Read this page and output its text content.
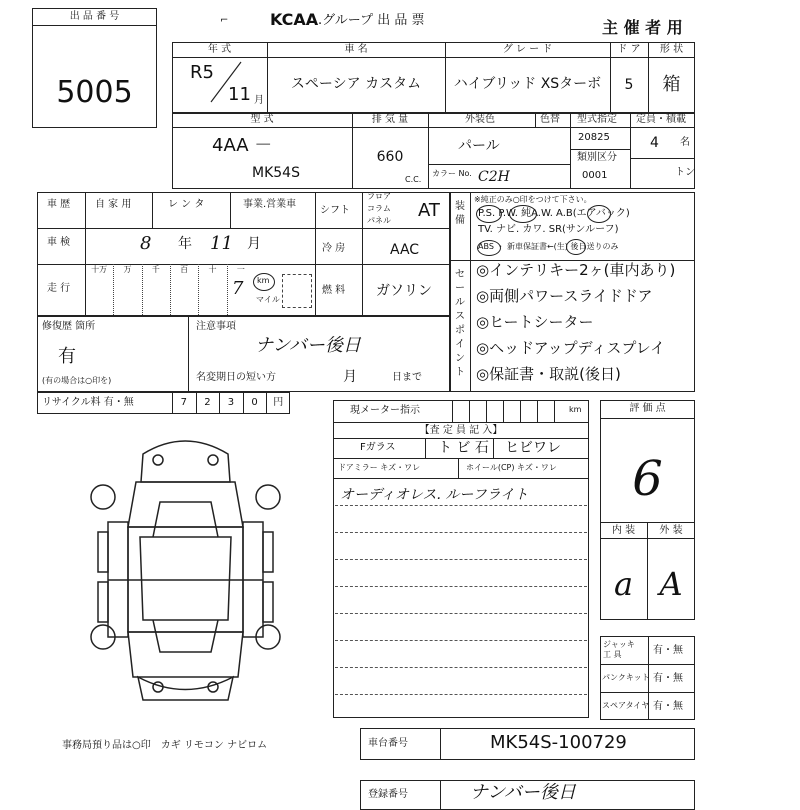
出 品 番 号
5005
KCAA .グループ 出 品 票	主 催 者 用
⌐
年 式
R5
11 月
車 名
スペーシア カスタム
グ レ ー ド
ハイブリッド XSターボ
ド ア
5
形 状
箱
型 式
4AA －
MK54S
排 気 量
660
C.C.
外装色	色替
パール
カラー No. C2H
型式指定
20825
類別区分
0001
定員・積載
4 名
トン
車 歴 自 家 用	レ ン タ	事業.営業車
車 検	8 年 11 月
走 行
十万	万	千	百	十	一
7 km
マイル
シフト
フロア
コラム
パネル AT
冷 房	AAC
燃 料 ガソリン
修復歴 箇所
有
(有の場合は○印を)
注意事項
ナンバー後日
名変期日の短い方	月	日まで
装 備
※純正のみ○印をつけて下さい。
P.S. P.W. 純A.W. A.B(エアバック)
TV. ナビ. カワ. SR(サンルーフ)
ABS ・ 新車保証書←(生) 後日送りのみ
セールスポイント
◎インテリキー2ヶ(車内あり)
◎両側パワースライドドア
◎ヒートシーター
◎ヘッドアップディスプレイ
◎保証書・取説(後日)
リサイクル料 有・無	7	2	3	0	円
事務局預り品は○印　カギ リモコン ナビロム
現メーター指示	km
【査 定 員 記 入】
Fガラス	ト ビ 石 ヒビワレ
ドアミラー キズ・ワレ	ホイール(CP) キズ・ワレ
オーディオレス. ルーフライト
評 価 点
6
内 装	外 装
a A
ジャッキ 工 具	有・無
パンクキット 有・無
スペアタイヤ 有・無
車台番号	MK54S-100729
登録番号	ナンバー後日
